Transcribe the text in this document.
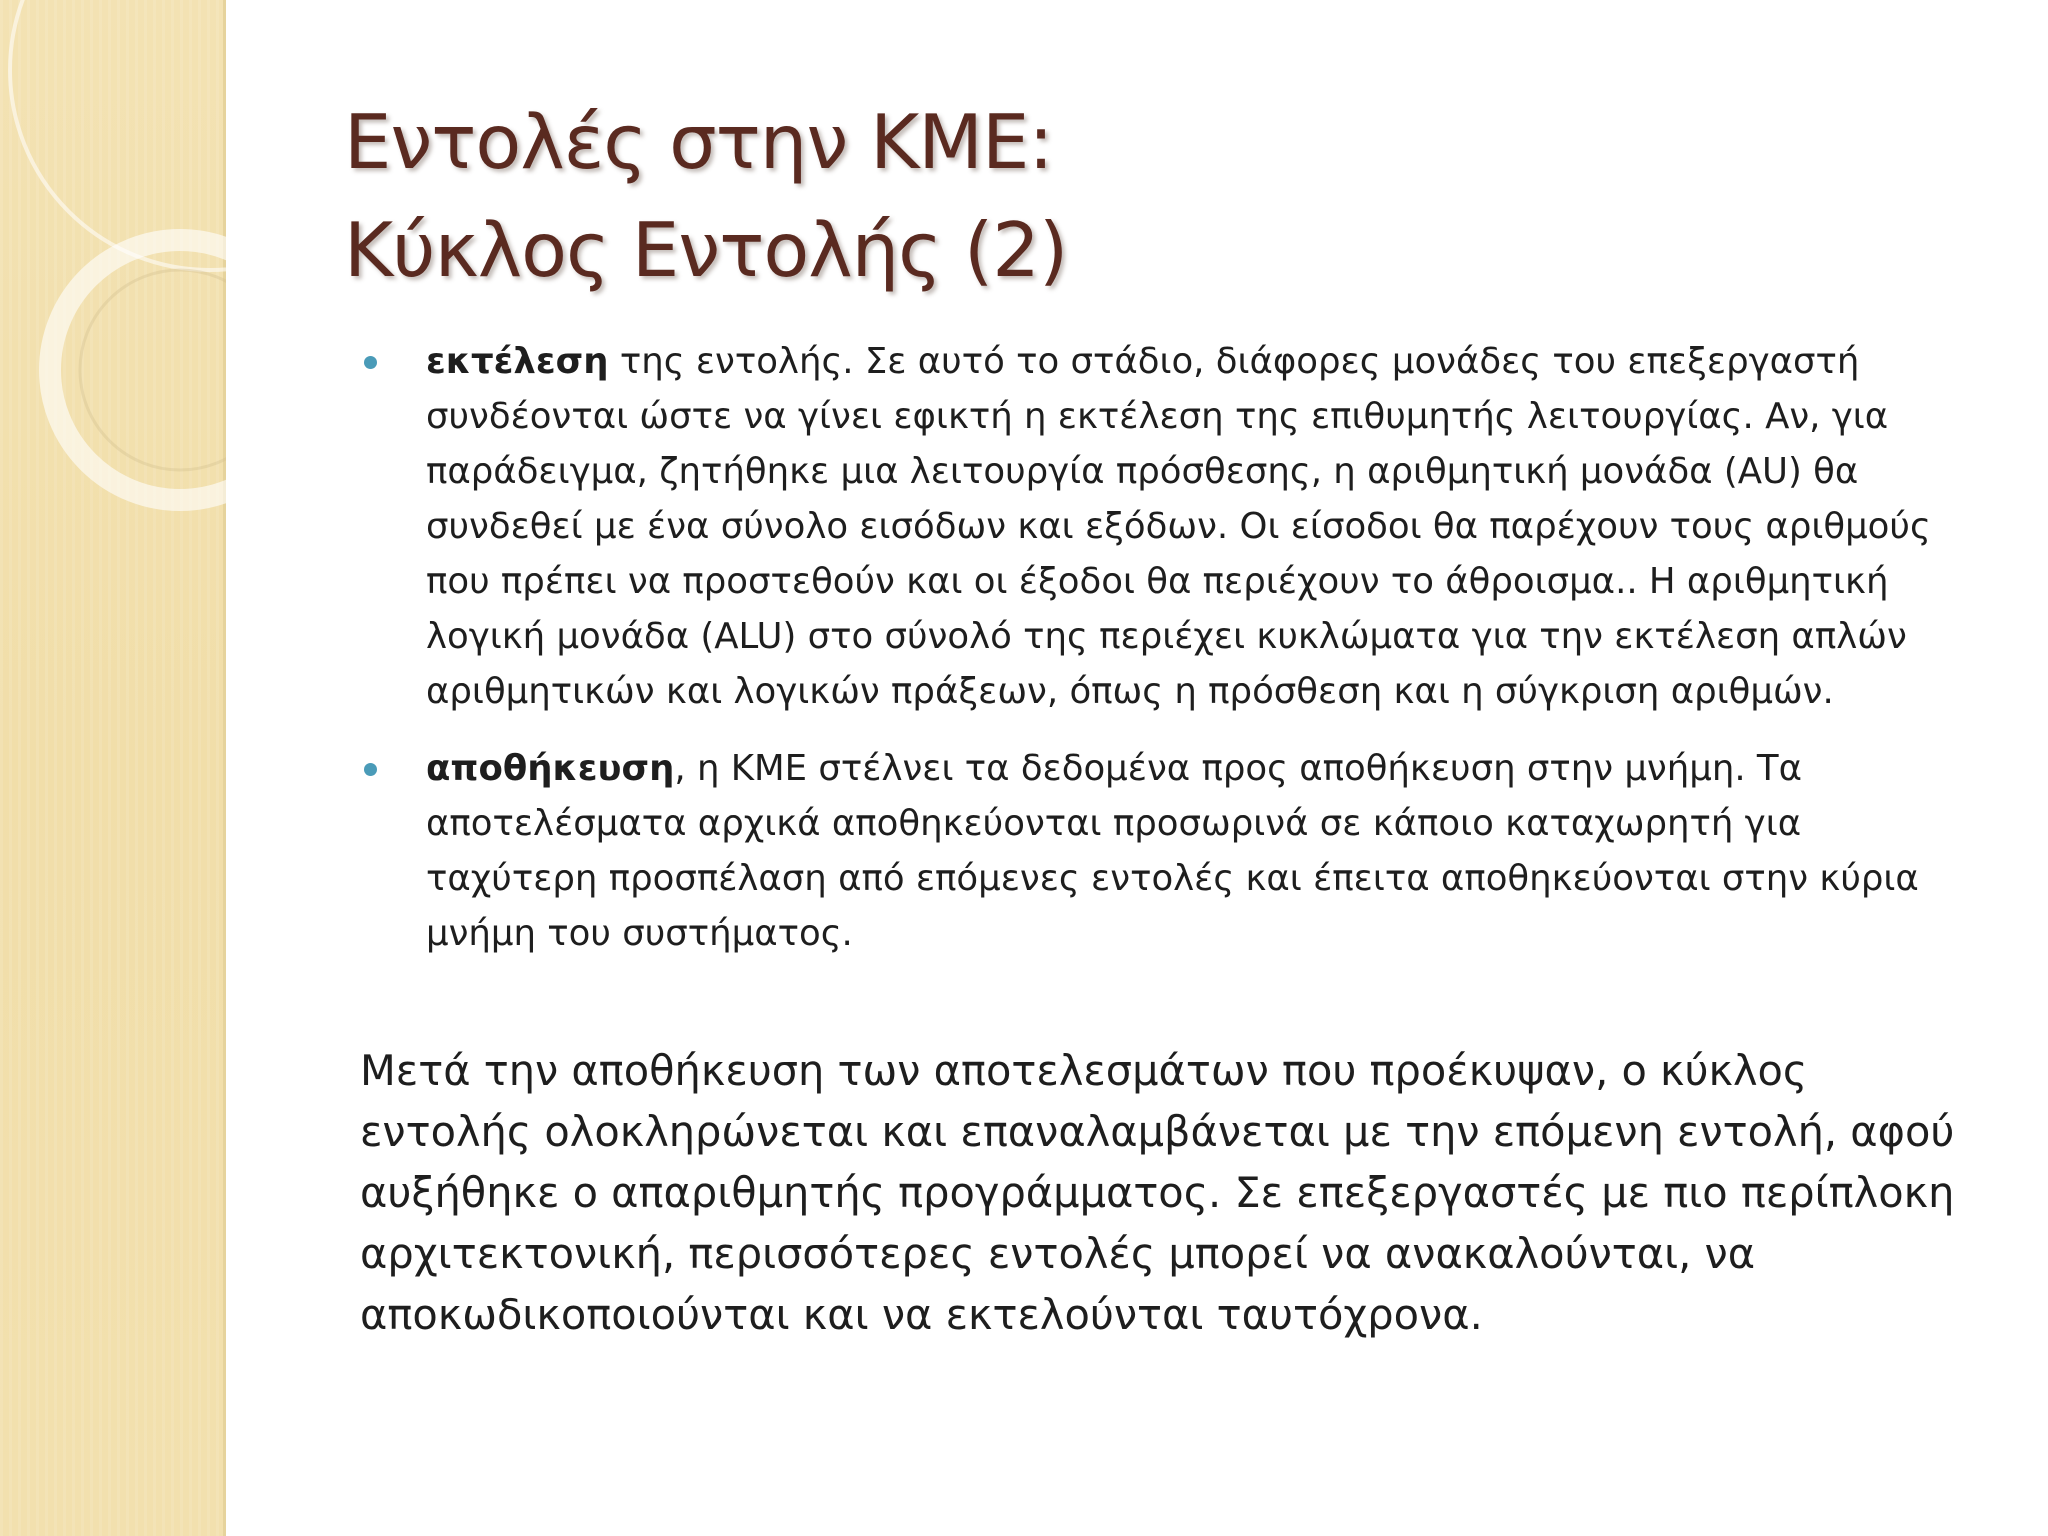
Εντολές στην ΚΜΕ:
Κύκλος Εντολής (2)
εκτέλεση της εντολής. Σε αυτό το στάδιο, διάφορες μονάδες του επεξεργαστή συνδέονται ώστε να γίνει εφικτή η εκτέλεση της επιθυμητής λειτουργίας. Αν, για παράδειγμα, ζητήθηκε μια λειτουργία πρόσθεσης, η αριθμητική μονάδα (AU) θα συνδεθεί με ένα σύνολο εισόδων και εξόδων. Οι είσοδοι θα παρέχουν τους αριθμούς που πρέπει να προστεθούν και οι έξοδοι θα περιέχουν το άθροισμα.. Η αριθμητική λογική μονάδα (ALU) στο σύνολό της περιέχει κυκλώματα για την εκτέλεση απλών αριθμητικών και λογικών πράξεων, όπως η πρόσθεση και η σύγκριση αριθμών.
αποθήκευση, η ΚΜΕ στέλνει τα δεδομένα προς αποθήκευση στην μνήμη. Τα αποτελέσματα αρχικά αποθηκεύονται προσωρινά σε κάποιο καταχωρητή για ταχύτερη προσπέλαση από επόμενες εντολές και έπειτα αποθηκεύονται στην κύρια μνήμη του συστήματος.

Μετά την αποθήκευση των αποτελεσμάτων που προέκυψαν, ο κύκλος εντολής ολοκληρώνεται και επαναλαμβάνεται με την επόμενη εντολή, αφού αυξήθηκε ο απαριθμητής προγράμματος. Σε επεξεργαστές με πιο περίπλοκη αρχιτεκτονική, περισσότερες εντολές μπορεί να ανακαλούνται, να αποκωδικοποιούνται και να εκτελούνται ταυτόχρονα.
